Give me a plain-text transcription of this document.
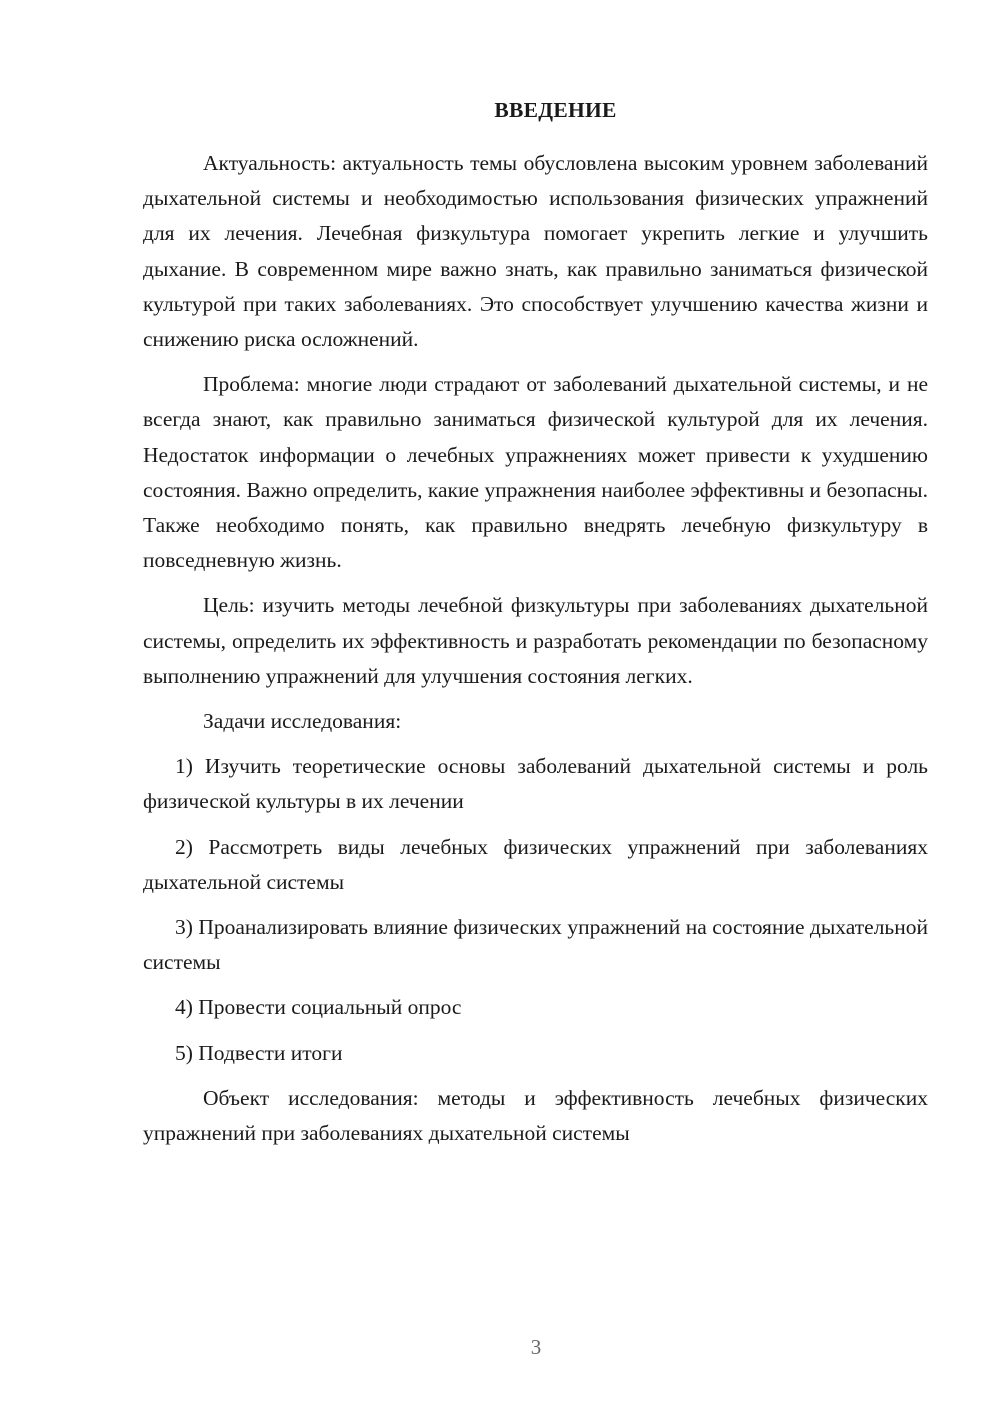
ВВЕДЕНИЕ

Актуальность: актуальность темы обусловлена высоким уровнем заболеваний дыхательной системы и необходимостью использования физических упражнений для их лечения. Лечебная физкультура помогает укрепить легкие и улучшить дыхание. В современном мире важно знать, как правильно заниматься физической культурой при таких заболеваниях. Это способствует улучшению качества жизни и снижению риска осложнений.

Проблема: многие люди страдают от заболеваний дыхательной системы, и не всегда знают, как правильно заниматься физической культурой для их лечения. Недостаток информации о лечебных упражнениях может привести к ухудшению состояния. Важно определить, какие упражнения наиболее эффективны и безопасны. Также необходимо понять, как правильно внедрять лечебную физкультуру в повседневную жизнь.

Цель: изучить методы лечебной физкультуры при заболеваниях дыхательной системы, определить их эффективность и разработать рекомендации по безопасному выполнению упражнений для улучшения состояния легких.

Задачи исследования:

1) Изучить теоретические основы заболеваний дыхательной системы и роль физической культуры в их лечении

2) Рассмотреть виды лечебных физических упражнений при заболеваниях дыхательной системы

3) Проанализировать влияние физических упражнений на состояние дыхательной системы

4) Провести социальный опрос

5) Подвести итоги

Объект исследования: методы и эффективность лечебных физических упражнений при заболеваниях дыхательной системы

3
